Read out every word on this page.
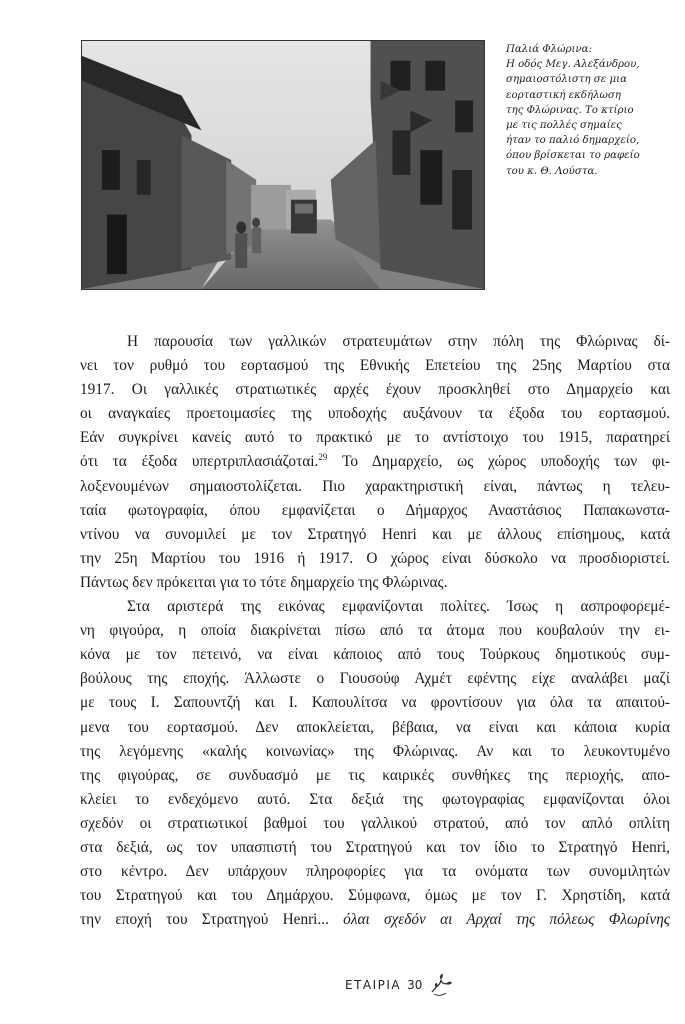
Παλιά Φλώρινα:
Η οδός Μεγ. Αλεξάνδρου,
σημαιοστόλιστη σε μια
εορταστική εκδήλωση
της Φλώρινας. Το κτίριο
με τις πολλές σημαίες
ήταν το παλιό δημαρχείο,
όπου βρίσκεται το ραφείο
του κ. Θ. Λούστα.
Η παρουσία των γαλλικών στρατευμάτων στην πόλη της Φλώρινας δί-
νει τον ρυθμό του εορτασμού της Εθνικής Επετείου της 25ης Μαρτίου στα
1917. Οι γαλλικές στρατιωτικές αρχές έχουν προσκληθεί στο Δημαρχείο και
οι αναγκαίες προετοιμασίες της υποδοχής αυξάνουν τα έξοδα του εορτασμού.
Εάν συγκρίνει κανείς αυτό το πρακτικό με το αντίστοιχο του 1915, παρατηρεί
ότι τα έξοδα υπερτριπλασιάζοταi.$^{29}$ Το Δημαρχείο, ως χώρος υποδοχής των φι-
λοξενουμένων σημαιοστολίζεται. Πιο χαρακτηριστική είναι, πάντως η τελευ-
ταία φωτογραφία, όπου εμφανίζεται ο Δήμαρχος Αναστάσιος Παπακωνστα-
ντίνου να συνομιλεί με τον Στρατηγό Henri και με άλλους επίσημους, κατά
την 25η Μαρτίου του 1916 ή 1917. Ο χώρος είναι δύσκολο να προσδιοριστεί.
Πάντως δεν πρόκειται για το τότε δημαρχείο της Φλώρινας.
Στα αριστερά της εικόνας εμφανίζονται πολίτες. Ίσως η ασπροφορεμέ-
νη φιγούρα, η οποία διακρίνεται πίσω από τα άτομα που κουβαλούν την ει-
κόνα με τον πετεινό, να είναι κάποιος από τους Τούρκους δημοτικούς συμ-
βούλους της εποχής. Άλλωστε ο Γιουσούφ Αχμέτ εφέντης είχε αναλάβει μαζί
με τους Ι. Σαπουντζή και Ι. Καπουλίτσα να φροντίσουν για όλα τα απαιτού-
μενα του εορτασμού. Δεν αποκλείεται, βέβαια, να είναι και κάποια κυρία
της λεγόμενης «καλής κοινωνίας» της Φλώρινας. Αν και το λευκοντυμένο
της φιγούρας, σε συνδυασμό με τις καιρικές συνθήκες της περιοχής, απο-
κλείει το ενδεχόμενο αυτό. Στα δεξιά της φωτογραφίας εμφανίζονται όλοι
σχεδόν οι στρατιωτικοί βαθμοί του γαλλικού στρατού, από τον απλό οπλίτη
στα δεξιά, ως τον υπασπιστή του Στρατηγού και τον ίδιο το Στρατηγό Henri,
στο κέντρο. Δεν υπάρχουν πληροφορίες για τα ονόματα των συνομιλητών
του Στρατηγού και του Δημάρχου. Σύμφωνα, όμως με τον Γ. Χρηστίδη, κατά
την εποχή του Στρατηγού Henri... όλαι σχεδόν αι Αρχαί της πόλεως Φλωρίνης
ΕΤΑΙΡΙΑ 30
